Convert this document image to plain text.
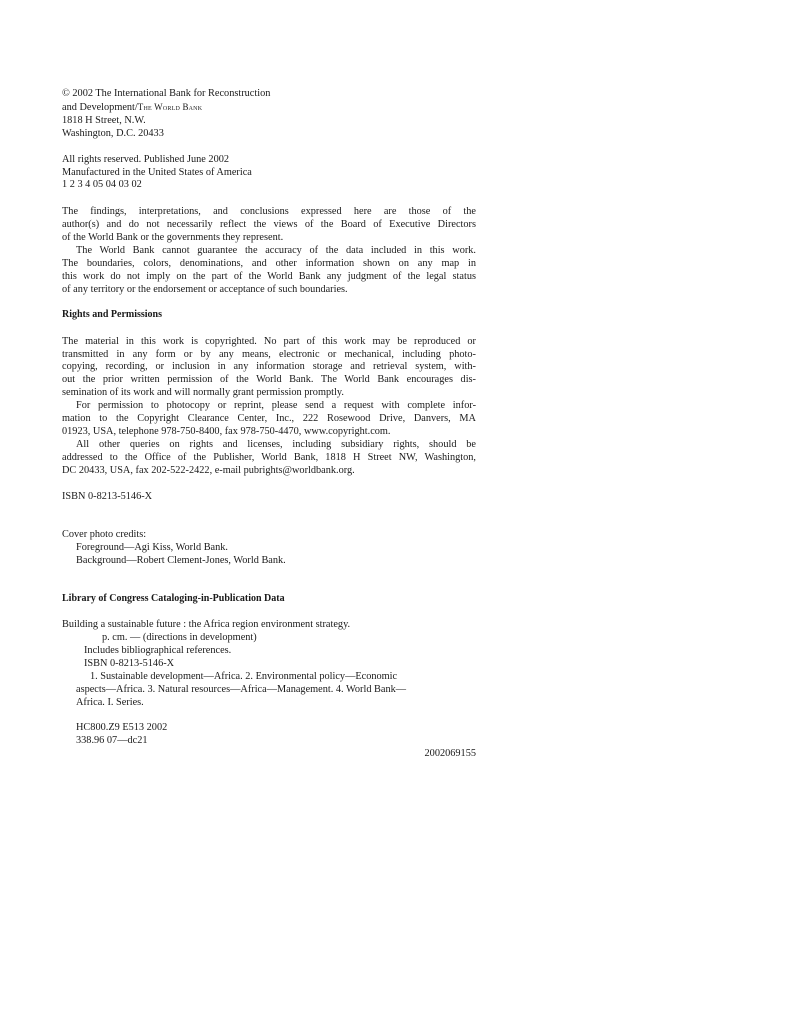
© 2002 The International Bank for Reconstruction
and Development/The World Bank
1818 H Street, N.W.
Washington, D.C. 20433
All rights reserved. Published June 2002
Manufactured in the United States of America
1 2 3 4 05 04 03 02
The findings, interpretations, and conclusions expressed here are those of the
author(s) and do not necessarily reflect the views of the Board of Executive Directors
of the World Bank or the governments they represent.
The World Bank cannot guarantee the accuracy of the data included in this work.
The boundaries, colors, denominations, and other information shown on any map in
this work do not imply on the part of the World Bank any judgment of the legal status
of any territory or the endorsement or acceptance of such boundaries.
Rights and Permissions
The material in this work is copyrighted. No part of this work may be reproduced or
transmitted in any form or by any means, electronic or mechanical, including photo-
copying, recording, or inclusion in any information storage and retrieval system, with-
out the prior written permission of the World Bank. The World Bank encourages dis-
semination of its work and will normally grant permission promptly.
For permission to photocopy or reprint, please send a request with complete infor-
mation to the Copyright Clearance Center, Inc., 222 Rosewood Drive, Danvers, MA
01923, USA, telephone 978-750-8400, fax 978-750-4470, www.copyright.com.
All other queries on rights and licenses, including subsidiary rights, should be
addressed to the Office of the Publisher, World Bank, 1818 H Street NW, Washington,
DC 20433, USA, fax 202-522-2422, e-mail pubrights@worldbank.org.
ISBN 0-8213-5146-X
Cover photo credits:
Foreground—Agi Kiss, World Bank.
Background—Robert Clement-Jones, World Bank.
Library of Congress Cataloging-in-Publication Data
Building a sustainable future : the Africa region environment strategy.
p. cm. — (directions in development)
Includes bibliographical references.
ISBN 0-8213-5146-X
1. Sustainable development—Africa. 2. Environmental policy—Economic
aspects—Africa. 3. Natural resources—Africa—Management. 4. World Bank—
Africa. I. Series.
HC800.Z9 E513 2002
338.96 07—dc21
2002069155
